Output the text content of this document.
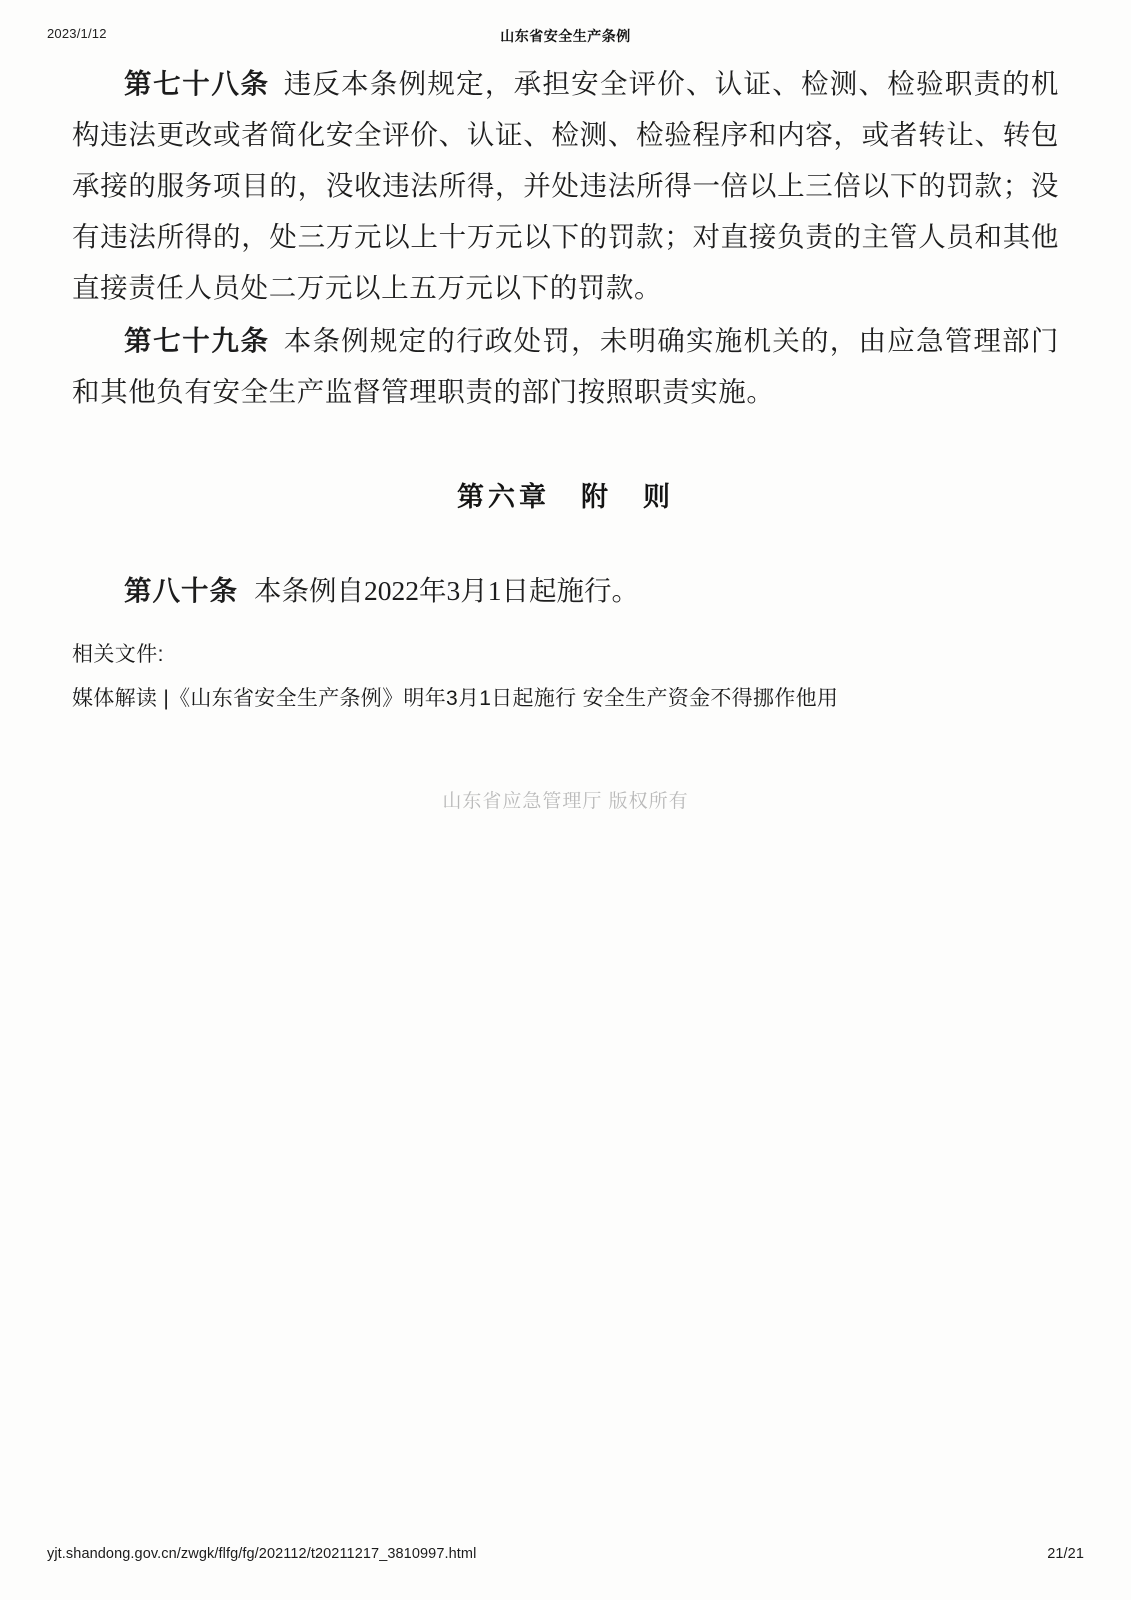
2023/1/12	山东省安全生产条例

第七十八条 违反本条例规定，承担安全评价、认证、检测、检验职责的机构违法更改或者简化安全评价、认证、检测、检验程序和内容，或者转让、转包承接的服务项目的，没收违法所得，并处违法所得一倍以上三倍以下的罚款；没有违法所得的，处三万元以上十万元以下的罚款；对直接负责的主管人员和其他直接责任人员处二万元以上五万元以下的罚款。

第七十九条 本条例规定的行政处罚，未明确实施机关的，由应急管理部门和其他负有安全生产监督管理职责的部门按照职责实施。

第六章　附　则

第八十条 本条例自2022年3月1日起施行。

相关文件:
媒体解读 |《山东省安全生产条例》明年3月1日起施行 安全生产资金不得挪作他用
山东省应急管理厅 版权所有
yjt.shandong.gov.cn/zwgk/flfg/fg/202112/t20211217_3810997.html	21/21
